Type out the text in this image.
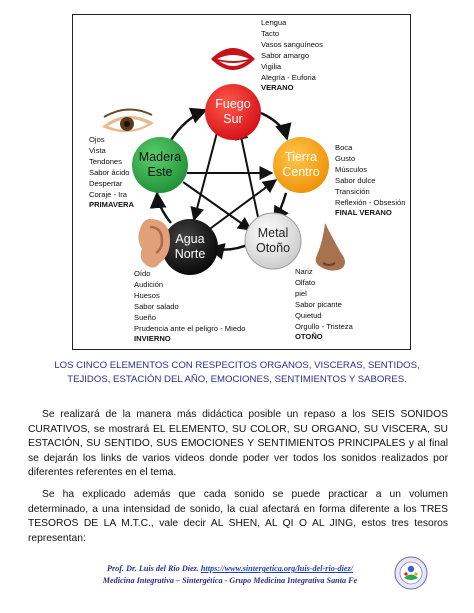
Fuego
Sur
Tierra
Centro
Metal
Otoño
Agua
Norte
Madera
Este
Lengua
Tacto
Vasos sanguíneos
Sabor amargo
Vigilia
Alegría - Euforia
VERANO
Boca
Gusto
Músculos
Sabor dulce
Transición
Reflexión - Obsesión
FINAL VERANO
Nariz
Olfato
piel
Sabor picante
Quietud
Orgullo - Tristeza
OTOÑO
Oído
Audición
Huesos
Sabor salado
Sueño
Prudencia ante el peligro - Miedo
INVIERNO
Ojos
Vista
Tendones
Sabor ácido
Despertar
Coraje - Ira
PRIMAVERA
LOS CINCO ELEMENTOS CON RESPECITOS ORGANOS, VISCERAS, SENTIDOS,
TEJIDOS, ESTACIÓN DEL AÑO, EMOCIONES, SENTIMIENTOS Y SABORES.

Se realizará de la manera más didáctica posible un repaso a los SEIS SONIDOS CURATIVOS, se mostrará EL ELEMENTO, SU COLOR, SU ORGANO, SU VISCERA, SU ESTACIÓN, SU SENTIDO, SUS EMOCIONES Y SENTIMIENTOS PRINCIPALES y al final se dejarán los links de varios videos donde poder ver todos los sonidos realizados por diferentes referentes en el tema.

Se ha explicado además que cada sonido se puede practicar a un volumen determinado, a una intensidad de sonido, la cual afectará en forma diferente a los TRES TESOROS DE LA M.T.C., vale decir AL SHEN, AL QI O AL JING, estos tres tesoros representan:

Prof. Dr. Luis del Rio Díez. https://www.sintergetica.org/luis-del-rio-diez/
Medicina Integrativa – Sintergética - Grupo Medicina Integrativa Santa Fe
